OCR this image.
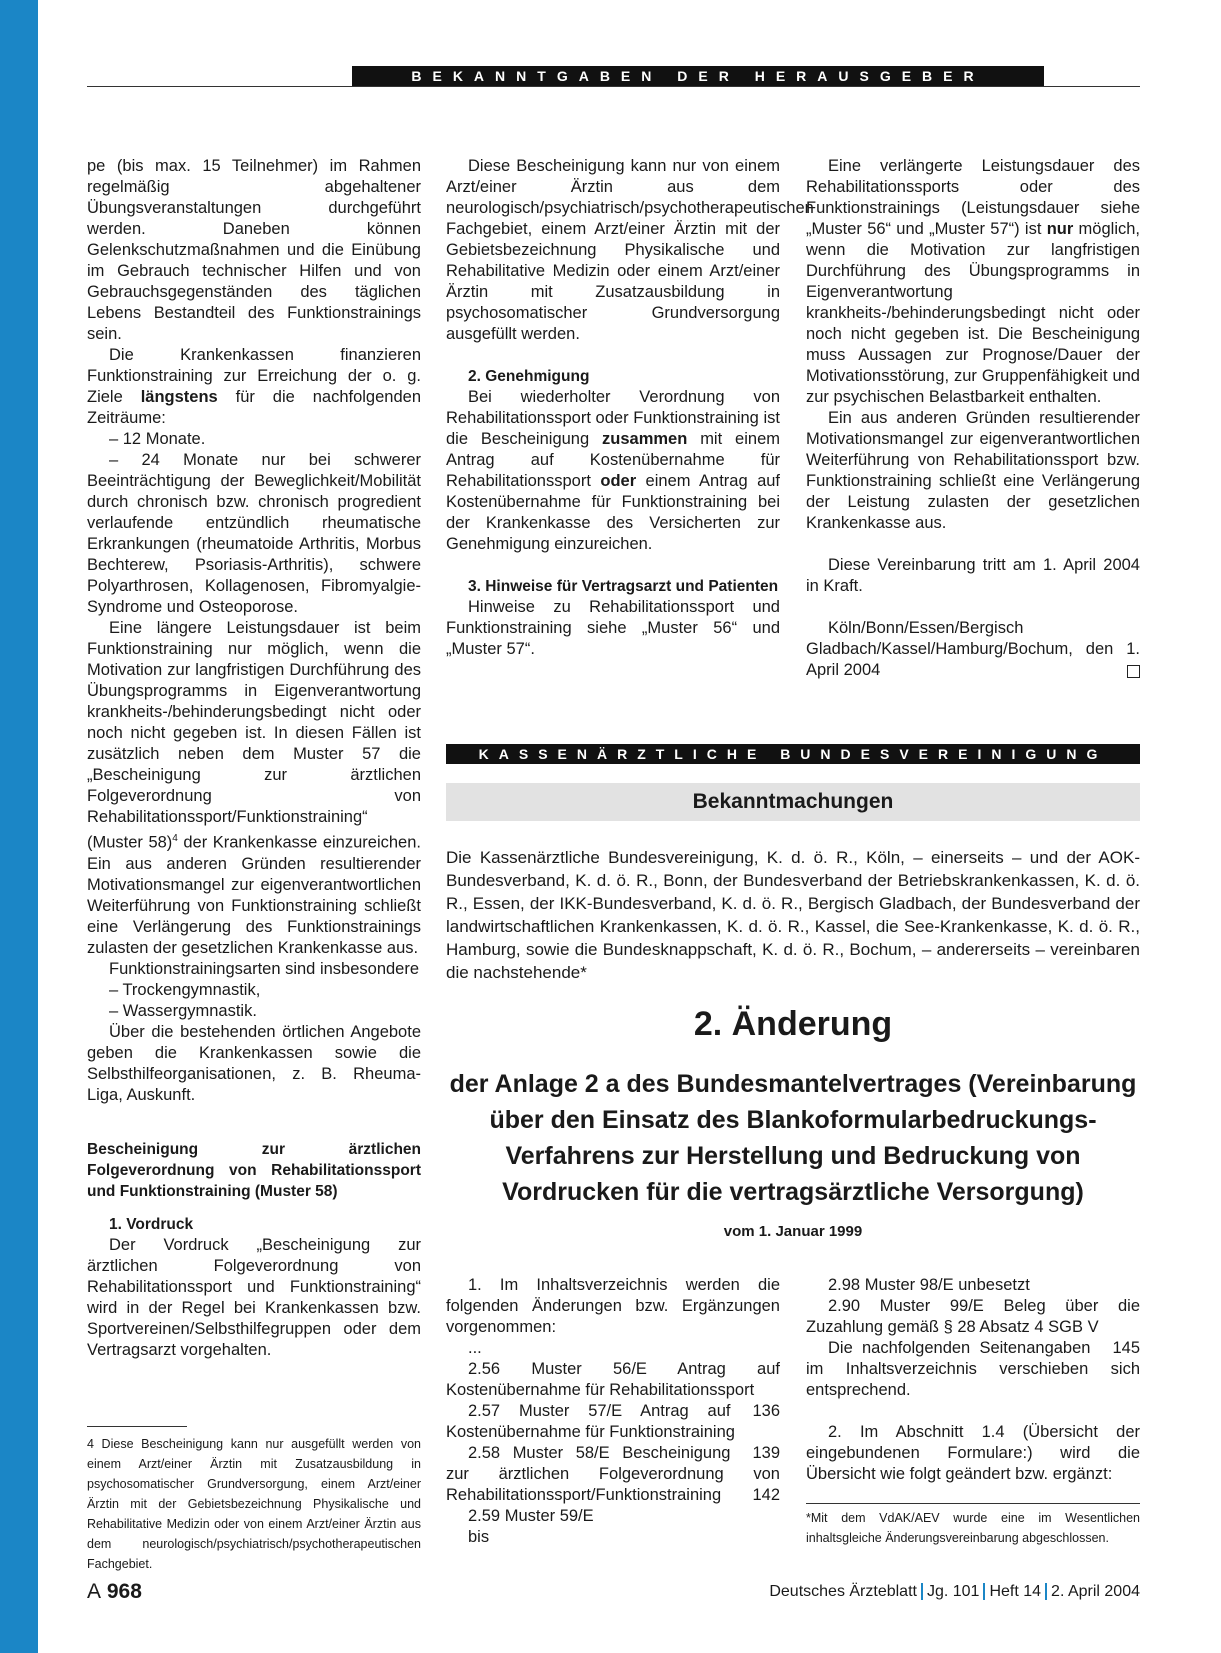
BEKANNTGABEN DER HERAUSGEBER

pe (bis max. 15 Teilnehmer) im Rahmen regelmäßig abgehaltener Übungsveranstaltungen durchgeführt werden. Daneben können Gelenkschutzmaßnahmen und die Einübung im Gebrauch technischer Hilfen und von Gebrauchsgegenständen des täglichen Lebens Bestandteil des Funktionstrainings sein.

Die Krankenkassen finanzieren Funktionstraining zur Erreichung der o. g. Ziele längstens für die nachfolgenden Zeiträume:

– 12 Monate.

– 24 Monate nur bei schwerer Beeinträchtigung der Beweglichkeit/Mobilität durch chronisch bzw. chronisch progredient verlaufende entzündlich rheumatische Erkrankungen (rheumatoide Arthritis, Morbus Bechterew, Psoriasis-Arthritis), schwere Polyarthrosen, Kollagenosen, Fibromyalgie-Syndrome und Osteoporose.

Eine längere Leistungsdauer ist beim Funktionstraining nur möglich, wenn die Motivation zur langfristigen Durchführung des Übungsprogramms in Eigenverantwortung krankheits-/behinderungsbedingt nicht oder noch nicht gegeben ist. In diesen Fällen ist zusätzlich neben dem Muster 57 die „Bescheinigung zur ärztlichen Folgeverordnung von Rehabilitationssport/Funktionstraining“ (Muster 58)$^4$ der Krankenkasse einzureichen. Ein aus anderen Gründen resultierender Motivationsmangel zur eigenverantwortlichen Weiterführung von Funktionstraining schließt eine Verlängerung des Funktionstrainings zulasten der gesetzlichen Krankenkasse aus.

Funktionstrainingsarten sind insbesondere

– Trockengymnastik,

– Wassergymnastik.

Über die bestehenden örtlichen Angebote geben die Krankenkassen sowie die Selbsthilfeorganisationen, z. B. Rheuma-Liga, Auskunft.

Bescheinigung zur ärztlichen Folgeverordnung von Rehabilitationssport und Funktionstraining (Muster 58)

1. Vordruck

Der Vordruck „Bescheinigung zur ärztlichen Folgeverordnung von Rehabilitationssport und Funktionstraining“ wird in der Regel bei Krankenkassen bzw. Sportvereinen/Selbsthilfegruppen oder dem Vertragsarzt vorgehalten.

4 Diese Bescheinigung kann nur ausgefüllt werden von einem Arzt/einer Ärztin mit Zusatzausbildung in psychosomatischer Grundversorgung, einem Arzt/einer Ärztin mit der Gebietsbezeichnung Physikalische und Rehabilitative Medizin oder von einem Arzt/einer Ärztin aus dem neurologisch/psychiatrisch/psychotherapeutischen Fachgebiet.

Diese Bescheinigung kann nur von einem Arzt/einer Ärztin aus dem neurologisch/psychiatrisch/psychotherapeutischen Fachgebiet, einem Arzt/einer Ärztin mit der Gebietsbezeichnung Physikalische und Rehabilitative Medizin oder einem Arzt/einer Ärztin mit Zusatzausbildung in psychosomatischer Grundversorgung ausgefüllt werden.

2. Genehmigung

Bei wiederholter Verordnung von Rehabilitationssport oder Funktionstraining ist die Bescheinigung zusammen mit einem Antrag auf Kostenübernahme für Rehabilitationssport oder einem Antrag auf Kostenübernahme für Funktionstraining bei der Krankenkasse des Versicherten zur Genehmigung einzureichen.

3. Hinweise für Vertragsarzt und Patienten

Hinweise zu Rehabilitationssport und Funktionstraining siehe „Muster 56“ und „Muster 57“.

Eine verlängerte Leistungsdauer des Rehabilitationssports oder des Funktionstrainings (Leistungsdauer siehe „Muster 56“ und „Muster 57“) ist nur möglich, wenn die Motivation zur langfristigen Durchführung des Übungsprogramms in Eigenverantwortung krankheits-/behinderungsbedingt nicht oder noch nicht gegeben ist. Die Bescheinigung muss Aussagen zur Prognose/Dauer der Motivationsstörung, zur Gruppenfähigkeit und zur psychischen Belastbarkeit enthalten.

Ein aus anderen Gründen resultierender Motivationsmangel zur eigenverantwortlichen Weiterführung von Rehabilitationssport bzw. Funktionstraining schließt eine Verlängerung der Leistung zulasten der gesetzlichen Krankenkasse aus.

Diese Vereinbarung tritt am 1. April 2004 in Kraft.

Köln/Bonn/Essen/Bergisch Gladbach/Kassel/Hamburg/Bochum, den 1. April 2004

KASSENÄRZTLICHE BUNDESVEREINIGUNG
Bekanntmachungen

Die Kassenärztliche Bundesvereinigung, K. d. ö. R., Köln, – einerseits – und der AOK-Bundesverband, K. d. ö. R., Bonn, der Bundesverband der Betriebskrankenkassen, K. d. ö. R., Essen, der IKK-Bundesverband, K. d. ö. R., Bergisch Gladbach, der Bundesverband der landwirtschaftlichen Krankenkassen, K. d. ö. R., Kassel, die See-Krankenkasse, K. d. ö. R., Hamburg, sowie die Bundesknappschaft, K. d. ö. R., Bochum, – andererseits – vereinbaren die nachstehende*

2. Änderung
der Anlage 2 a des Bundesmantelvertrages (Vereinbarung über den Einsatz des Blankoformularbedruckungs-Verfahrens zur Herstellung und Bedruckung von Vordrucken für die vertragsärztliche Versorgung)
vom 1. Januar 1999

1. Im Inhaltsverzeichnis werden die folgenden Änderungen bzw. Ergänzungen vorgenommen:

...

2.56 Muster 56/E Antrag auf Kostenübernahme für Rehabilitationssport
136

2.57 Muster 57/E Antrag auf Kostenübernahme für Funktionstraining
139

2.58 Muster 58/E Bescheinigung zur ärztlichen Folgeverordnung von Rehabilitationssport/Funktionstraining	142

2.59 Muster 59/E

bis

2.98 Muster 98/E unbesetzt

2.90 Muster 99/E Beleg über die Zuzahlung gemäß § 28 Absatz 4 SGB V
145

Die nachfolgenden Seitenangaben im Inhaltsverzeichnis verschieben sich entsprechend.

2. Im Abschnitt 1.4 (Übersicht der eingebundenen Formulare:) wird die Übersicht wie folgt geändert bzw. ergänzt:

*Mit dem VdAK/AEV wurde eine im Wesentlichen inhaltsgleiche Änderungsvereinbarung abgeschlossen.
A 968	Deutsches Ärzteblatt Jg. 101 Heft 14 2. April 2004
